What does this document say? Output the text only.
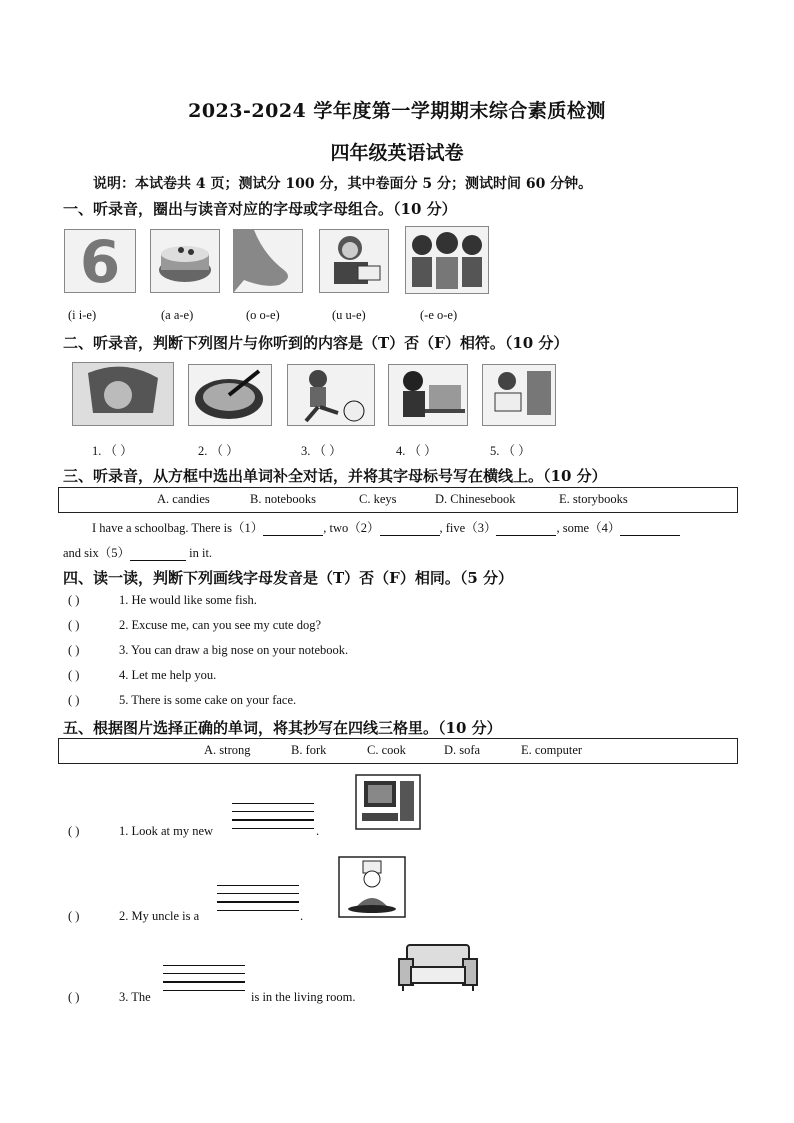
2023-2024 学年度第一学期期末综合素质检测
四年级英语试卷
说明：本试卷共 4 页；测试分 100 分，其中卷面分 5 分；测试时间 60 分钟。
一、听录音，圈出与读音对应的字母或字母组合。（10 分）
6
(i i-e)	(a a-e)	(o o-e)	(u u-e)	(-e o-e)
二、听录音，判断下列图片与你听到的内容是（T）否（F）相符。（10 分）
1. （ ）	2. （ ）	3. （ ）	4. （ ）	5. （ ）
三、听录音，从方框中选出单词补全对话，并将其字母标号写在横线上。（10 分）
A. candies	B. notebooks	C. keys	D. Chinesebook	E. storybooks
I have a schoolbag. There is（1）	, two（2）	, five（3）	, some（4）
and six（5）	in it.
四、读一读，判断下列画线字母发音是（T）否（F）相同。（5 分）
( )	1. He would like some fish.
( )	2. Excuse me, can you see my cute dog?
( )	3. You can draw a big nose on your notebook.
( )	4. Let me help you.
( )	5. There is some cake on your face.
五、根据图片选择正确的单词，将其抄写在四线三格里。（10 分）
A. strong	B. fork	C. cook	D. sofa	E. computer
( )	1. Look at my new	.
( )	2. My uncle is a	.
( )	3. The	is in the living room.
